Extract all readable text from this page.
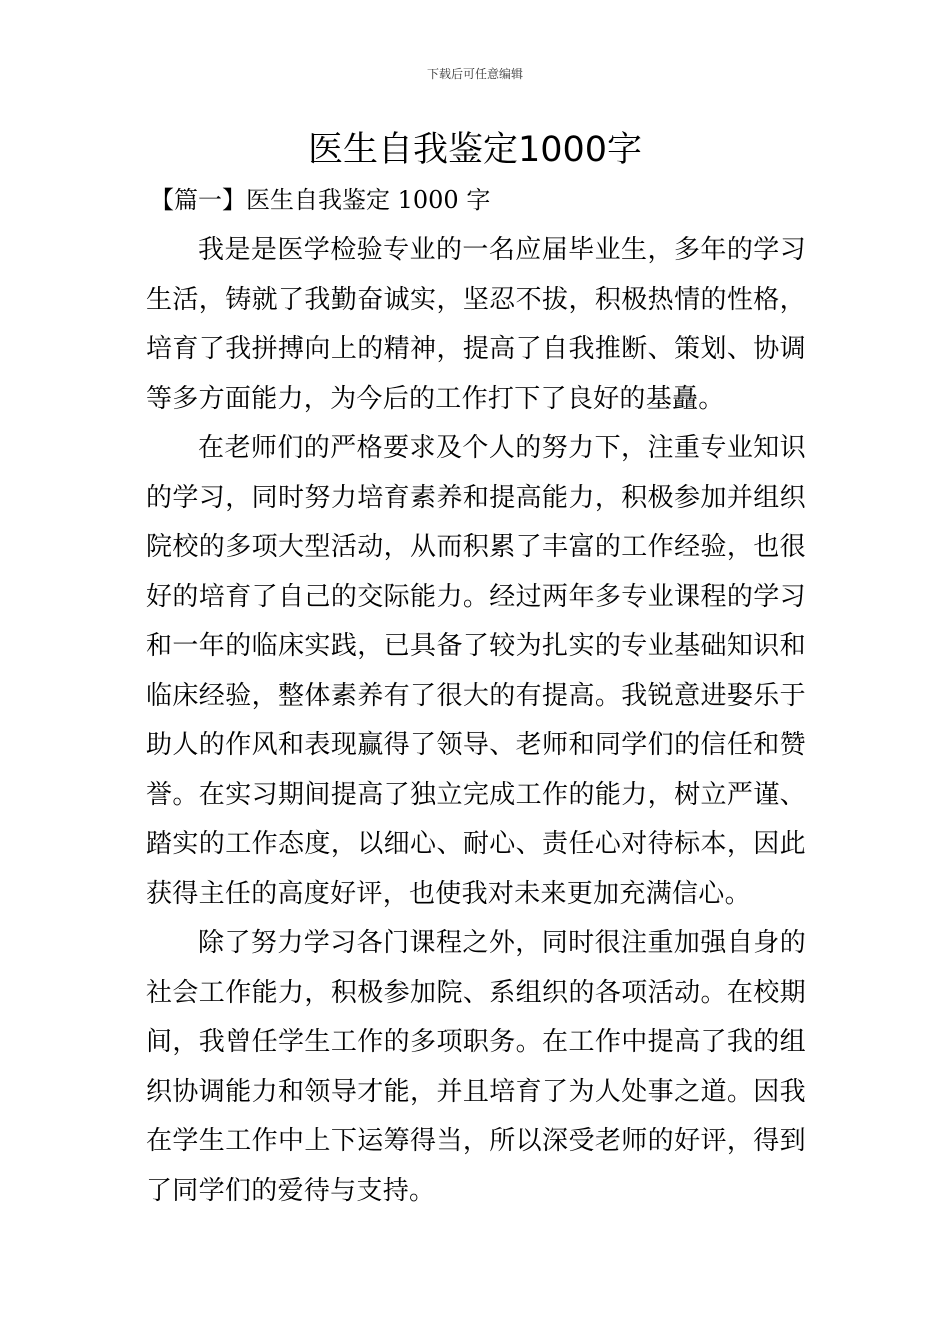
下载后可任意编辑
医生自我鉴定1000字
【篇一】医生自我鉴定 1000 字

我是是医学检验专业的一名应届毕业生，多年的学习生活，铸就了我勤奋诚实，坚忍不拔，积极热情的性格，培育了我拼搏向上的精神，提高了自我推断、策划、协调等多方面能力，为今后的工作打下了良好的基矗。

在老师们的严格要求及个人的努力下，注重专业知识的学习，同时努力培育素养和提高能力，积极参加并组织院校的多项大型活动，从而积累了丰富的工作经验，也很好的培育了自己的交际能力。经过两年多专业课程的学习和一年的临床实践，已具备了较为扎实的专业基础知识和临床经验，整体素养有了很大的有提高。我锐意进娶乐于助人的作风和表现赢得了领导、老师和同学们的信任和赞誉。在实习期间提高了独立完成工作的能力，树立严谨、踏实的工作态度，以细心、耐心、责任心对待标本，因此获得主任的高度好评，也使我对未来更加充满信心。

除了努力学习各门课程之外，同时很注重加强自身的社会工作能力，积极参加院、系组织的各项活动。在校期间，我曾任学生工作的多项职务。在工作中提高了我的组织协调能力和领导才能，并且培育了为人处事之道。因我在学生工作中上下运筹得当，所以深受老师的好评，得到了同学们的爱待与支持。
